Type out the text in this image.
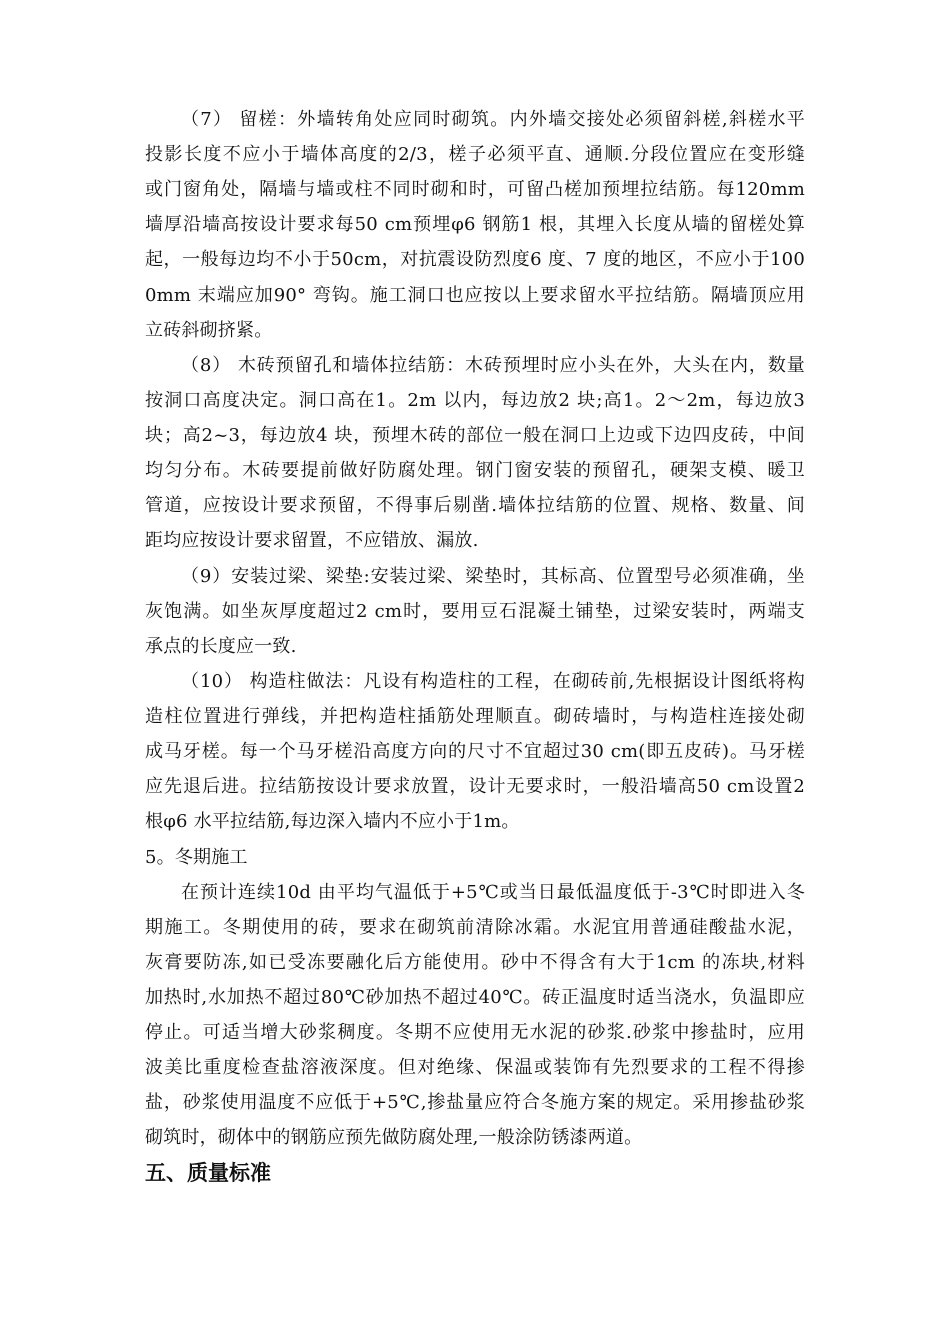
（7） 留槎：外墙转角处应同时砌筑。内外墙交接处必须留斜槎,斜槎水平
投影长度不应小于墙体高度的2/3，槎子必须平直、通顺.分段位置应在变形缝
或门窗角处，隔墙与墙或柱不同时砌和时，可留凸槎加预埋拉结筋。每120mm
墙厚沿墙高按设计要求每50 cm预埋φ6 钢筋1 根，其埋入长度从墙的留槎处算
起，一般每边均不小于50cm，对抗震设防烈度6 度、7 度的地区，不应小于100
0mm 末端应加90° 弯钩。施工洞口也应按以上要求留水平拉结筋。隔墙顶应用
立砖斜砌挤紧。
（8） 木砖预留孔和墙体拉结筋：木砖预埋时应小头在外，大头在内，数量
按洞口高度决定。洞口高在1。2m 以内，每边放2 块;高1。2～2m，每边放3
块；高2~3，每边放4 块，预埋木砖的部位一般在洞口上边或下边四皮砖，中间
均匀分布。木砖要提前做好防腐处理。钢门窗安装的预留孔，硬架支模、暖卫
管道，应按设计要求预留，不得事后剔凿.墙体拉结筋的位置、规格、数量、间
距均应按设计要求留置，不应错放、漏放.
（9）安装过梁、梁垫:安装过梁、梁垫时，其标高、位置型号必须准确，坐
灰饱满。如坐灰厚度超过2 cm时，要用豆石混凝土铺垫，过梁安装时，两端支
承点的长度应一致.
（10） 构造柱做法：凡设有构造柱的工程，在砌砖前,先根据设计图纸将构
造柱位置进行弹线，并把构造柱插筋处理顺直。砌砖墙时，与构造柱连接处砌
成马牙槎。每一个马牙槎沿高度方向的尺寸不宜超过30 cm(即五皮砖)。马牙槎
应先退后进。拉结筋按设计要求放置，设计无要求时，一般沿墙高50 cm设置2
根φ6 水平拉结筋,每边深入墙内不应小于1m。
5。冬期施工
在预计连续10d 由平均气温低于+5℃或当日最低温度低于-3℃时即进入冬
期施工。冬期使用的砖，要求在砌筑前清除冰霜。水泥宜用普通硅酸盐水泥，
灰膏要防冻,如已受冻要融化后方能使用。砂中不得含有大于1cm 的冻块,材料
加热时,水加热不超过80℃砂加热不超过40℃。砖正温度时适当浇水，负温即应
停止。可适当增大砂浆稠度。冬期不应使用无水泥的砂浆.砂浆中掺盐时，应用
波美比重度检查盐溶液深度。但对绝缘、保温或装饰有先烈要求的工程不得掺
盐，砂浆使用温度不应低于+5℃,掺盐量应符合冬施方案的规定。采用掺盐砂浆
砌筑时，砌体中的钢筋应预先做防腐处理,一般涂防锈漆两道。
五、质量标准
